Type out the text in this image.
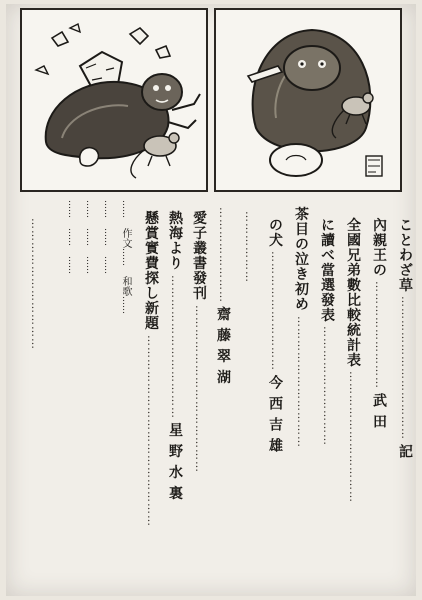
ことわざ草 ……………………………… 記
內親王の ……………………… 武田
全國兄弟數比較統計表 ……………………………
に讀べ當選發表 …………………………
茶目の泣き初め ……………………………
の犬 ………………………… 今西吉雄
………………
…………………… 齋藤翠湖
愛子叢書發刊 ……………………………………
熱海より ……………………………… 星野水裏
懸賞實費探し新題 …………………………………………
……　作文……　和歌……
……　……　……
……　……　……
……　……　……
……………………………
